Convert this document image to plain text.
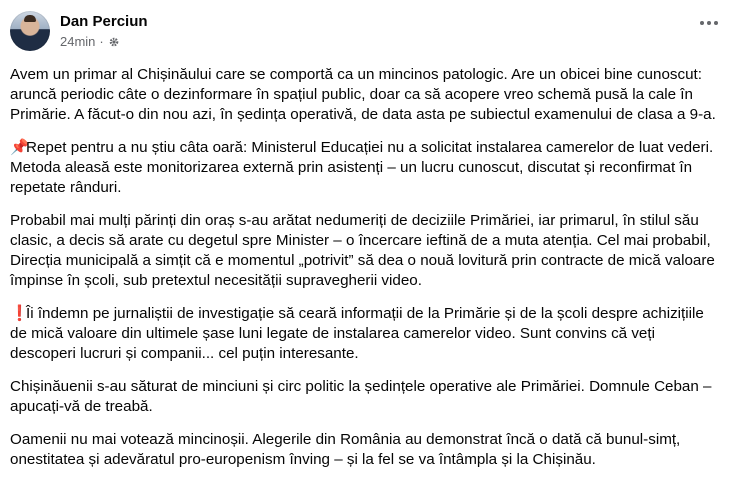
Dan Perciun
24min ·

Avem un primar al Chișinăului care se comportă ca un mincinos patologic. Are un obicei bine cunoscut: aruncă periodic câte o dezinformare în spațiul public, doar ca să acopere vreo schemă pusă la cale în Primărie. A făcut-o din nou azi, în ședința operativă, de data asta pe subiectul examenului de clasa a 9-a.

📌Repet pentru a nu știu câta oară: Ministerul Educației nu a solicitat instalarea camerelor de luat vederi. Metoda aleasă este monitorizarea externă prin asistenți – un lucru cunoscut, discutat și reconfirmat în repetate rânduri.

Probabil mai mulți părinți din oraș s-au arătat nedumeriți de deciziile Primăriei, iar primarul, în stilul său clasic, a decis să arate cu degetul spre Minister – o încercare ieftină de a muta atenția. Cel mai probabil, Direcția municipală a simțit că e momentul „potrivit” să dea o nouă lovitură prin contracte de mică valoare împinse în școli, sub pretextul necesității supravegherii video.

❗Îi îndemn pe jurnaliștii de investigație să ceară informații de la Primărie și de la școli despre achizițiile de mică valoare din ultimele șase luni legate de instalarea camerelor video. Sunt convins că veți descoperi lucruri și companii... cel puțin interesante.

Chișinăuenii s-au săturat de minciuni și circ politic la ședințele operative ale Primăriei. Domnule Ceban – apucați-vă de treabă.

Oamenii nu mai votează mincinoșii. Alegerile din România au demonstrat încă o dată că bunul-simț, onestitatea și adevăratul pro-europenism înving – și la fel se va întâmpla și la Chișinău.
